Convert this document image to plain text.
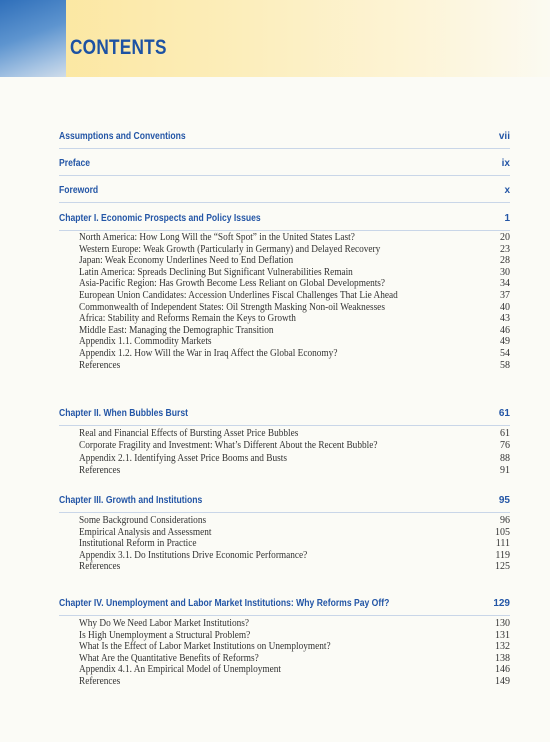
CONTENTS
Assumptions and Conventions	vii
Preface	ix
Foreword	x
Chapter I. Economic Prospects and Policy Issues	1
North America: How Long Will the “Soft Spot” in the United States Last?	20
Western Europe: Weak Growth (Particularly in Germany) and Delayed Recovery	23
Japan: Weak Economy Underlines Need to End Deflation	28
Latin America: Spreads Declining But Significant Vulnerabilities Remain	30
Asia-Pacific Region: Has Growth Become Less Reliant on Global Developments?	34
European Union Candidates: Accession Underlines Fiscal Challenges That Lie Ahead	37
Commonwealth of Independent States: Oil Strength Masking Non-oil Weaknesses	40
Africa: Stability and Reforms Remain the Keys to Growth	43
Middle East: Managing the Demographic Transition	46
Appendix 1.1. Commodity Markets	49
Appendix 1.2. How Will the War in Iraq Affect the Global Economy?	54
References	58
Chapter II. When Bubbles Burst	61
Real and Financial Effects of Bursting Asset Price Bubbles	61
Corporate Fragility and Investment: What’s Different About the Recent Bubble?	76
Appendix 2.1. Identifying Asset Price Booms and Busts	88
References	91
Chapter III. Growth and Institutions	95
Some Background Considerations	96
Empirical Analysis and Assessment	105
Institutional Reform in Practice	111
Appendix 3.1. Do Institutions Drive Economic Performance?	119
References	125
Chapter IV. Unemployment and Labor Market Institutions: Why Reforms Pay Off?	129
Why Do We Need Labor Market Institutions?	130
Is High Unemployment a Structural Problem?	131
What Is the Effect of Labor Market Institutions on Unemployment?	132
What Are the Quantitative Benefits of Reforms?	138
Appendix 4.1. An Empirical Model of Unemployment	146
References	149
